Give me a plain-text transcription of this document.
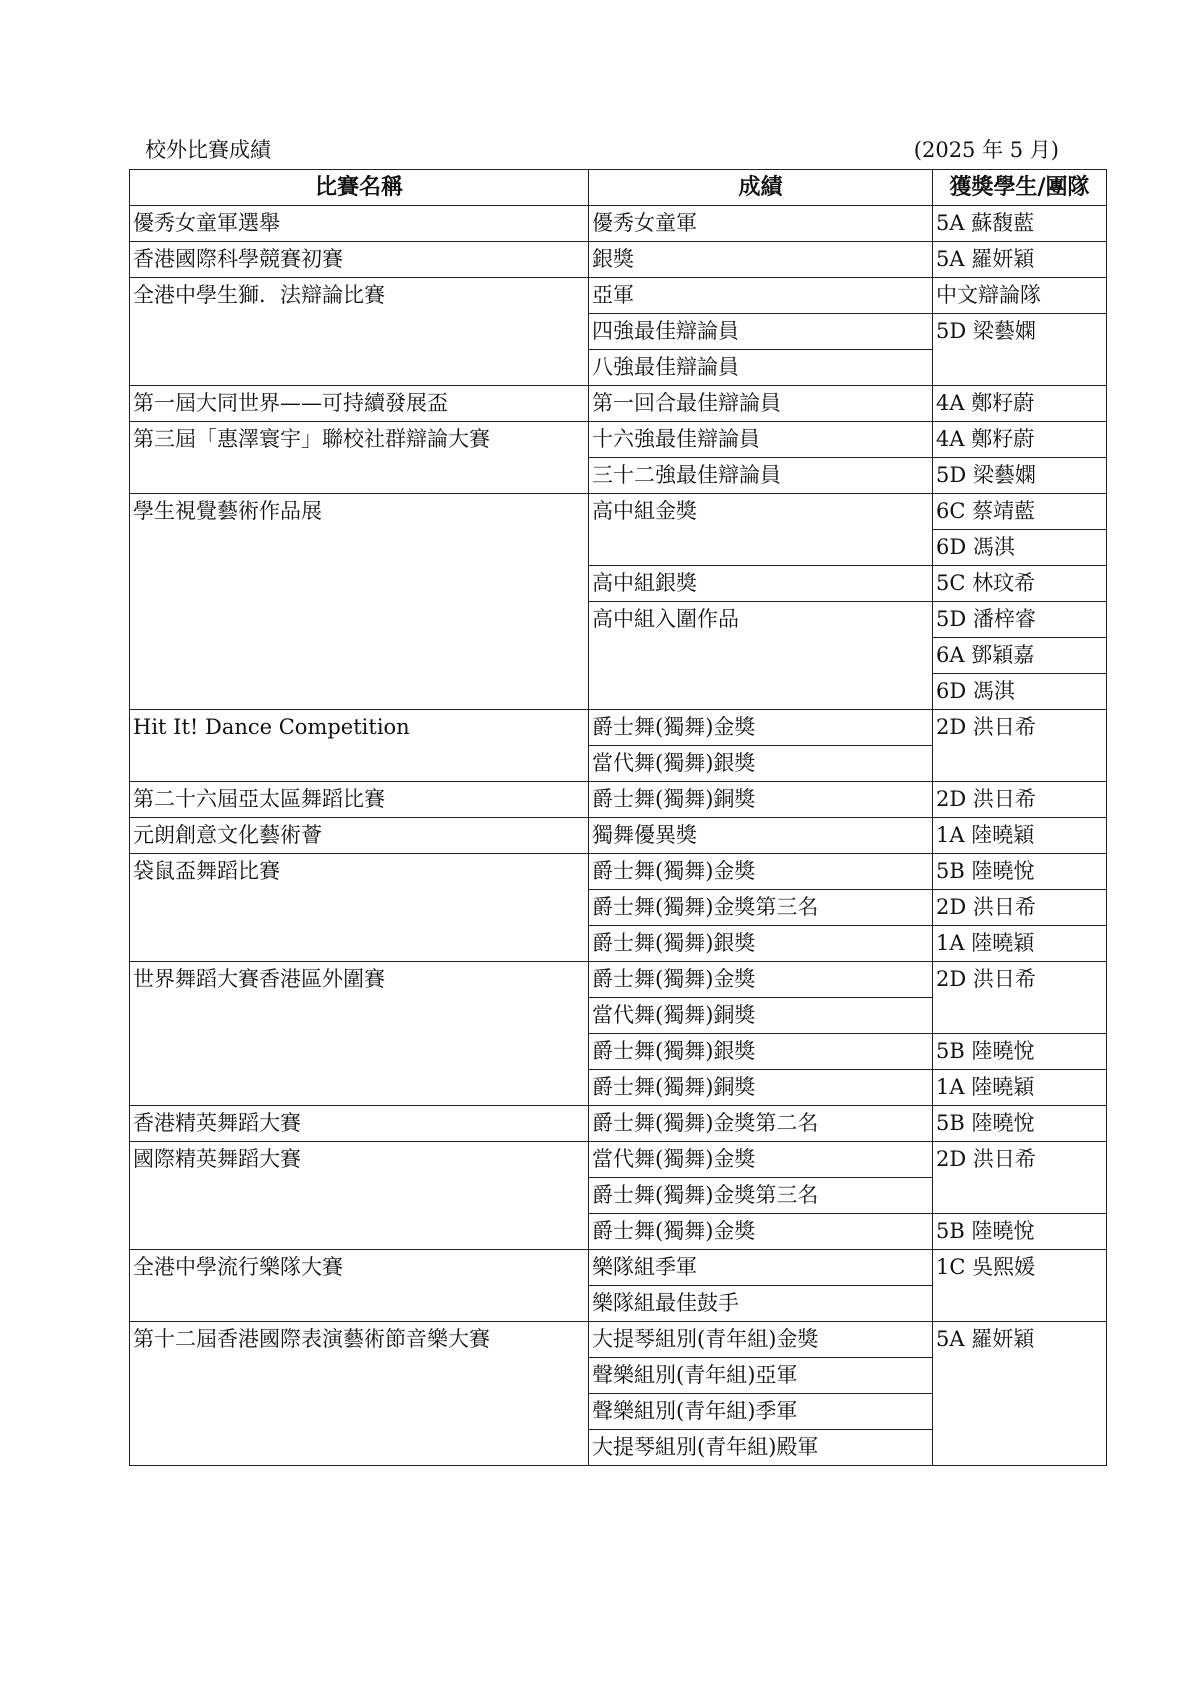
校外比賽成績	(2025 年 5 月)
比賽名稱	成績	獲獎學生/團隊
優秀女童軍選舉	優秀女童軍	5A 蘇馥藍
香港國際科學競賽初賽	銀獎	5A 羅妍穎
全港中學生獅．法辯論比賽	亞軍	中文辯論隊
	四強最佳辯論員	5D 梁藝嫻
	八強最佳辯論員	
第一屆大同世界——可持續發展盃	第一回合最佳辯論員	4A 鄭籽蔚
第三屆「惠澤寰宇」聯校社群辯論大賽	十六強最佳辯論員	4A 鄭籽蔚
	三十二強最佳辯論員	5D 梁藝嫻
學生視覺藝術作品展	高中組金獎	6C 蔡靖藍
		6D 馮淇
	高中組銀獎	5C 林玟希
	高中組入圍作品	5D 潘梓睿
		6A 鄧穎嘉
		6D 馮淇
Hit It! Dance Competition	爵士舞(獨舞)金獎	2D 洪日希
	當代舞(獨舞)銀獎	
第二十六屆亞太區舞蹈比賽	爵士舞(獨舞)銅獎	2D 洪日希
元朗創意文化藝術薈	獨舞優異獎	1A 陸曉穎
袋鼠盃舞蹈比賽	爵士舞(獨舞)金獎	5B 陸曉悅
	爵士舞(獨舞)金獎第三名	2D 洪日希
	爵士舞(獨舞)銀獎	1A 陸曉穎
世界舞蹈大賽香港區外圍賽	爵士舞(獨舞)金獎	2D 洪日希
	當代舞(獨舞)銅獎	
	爵士舞(獨舞)銀獎	5B 陸曉悅
	爵士舞(獨舞)銅獎	1A 陸曉穎
香港精英舞蹈大賽	爵士舞(獨舞)金獎第二名	5B 陸曉悅
國際精英舞蹈大賽	當代舞(獨舞)金獎	2D 洪日希
	爵士舞(獨舞)金獎第三名	
	爵士舞(獨舞)金獎	5B 陸曉悅
全港中學流行樂隊大賽	樂隊組季軍	1C 吳熙媛
	樂隊組最佳鼓手	
第十二屆香港國際表演藝術節音樂大賽	大提琴組別(青年組)金獎	5A 羅妍穎
	聲樂組別(青年組)亞軍	
	聲樂組別(青年組)季軍	
	大提琴組別(青年組)殿軍	
